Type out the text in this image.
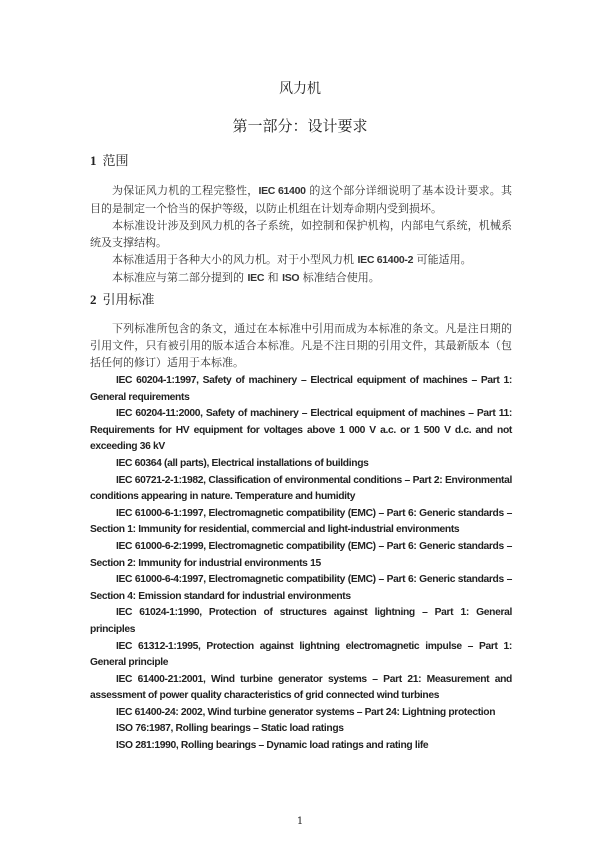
风力机
第一部分：设计要求
1 范围

为保证风力机的工程完整性，IEC 61400 的这个部分详细说明了基本设计要求。其目的是制定一个恰当的保护等级，以防止机组在计划寿命期内受到损坏。

本标准设计涉及到风力机的各子系统，如控制和保护机构，内部电气系统，机械系统及支撑结构。

本标准适用于各种大小的风力机。对于小型风力机 IEC 61400-2 可能适用。

本标准应与第二部分提到的 IEC 和 ISO 标准结合使用。

2 引用标准

下列标准所包含的条文，通过在本标准中引用而成为本标准的条文。凡是注日期的引用文件，只有被引用的版本适合本标准。凡是不注日期的引用文件，其最新版本（包括任何的修订）适用于本标准。

IEC 60204-1:1997, Safety of machinery – Electrical equipment of machines – Part 1: General requirements

IEC 60204-11:2000, Safety of machinery – Electrical equipment of machines – Part 11: Requirements for HV equipment for voltages above 1 000 V a.c. or 1 500 V d.c. and not exceeding 36 kV

IEC 60364 (all parts), Electrical installations of buildings

IEC 60721-2-1:1982, Classification of environmental conditions – Part 2: Environmental conditions appearing in nature. Temperature and humidity

IEC 61000-6-1:1997, Electromagnetic compatibility (EMC) – Part 6: Generic standards – Section 1: Immunity for residential, commercial and light-industrial environments

IEC 61000-6-2:1999, Electromagnetic compatibility (EMC) – Part 6: Generic standards – Section 2: Immunity for industrial environments 15

IEC 61000-6-4:1997, Electromagnetic compatibility (EMC) – Part 6: Generic standards – Section 4: Emission standard for industrial environments

IEC 61024-1:1990, Protection of structures against lightning – Part 1: General principles

IEC 61312-1:1995, Protection against lightning electromagnetic impulse – Part 1: General principle

IEC 61400-21:2001, Wind turbine generator systems – Part 21: Measurement and assessment of power quality characteristics of grid connected wind turbines

IEC 61400-24: 2002, Wind turbine generator systems – Part 24: Lightning protection

ISO 76:1987, Rolling bearings – Static load ratings

ISO 281:1990, Rolling bearings – Dynamic load ratings and rating life

1
